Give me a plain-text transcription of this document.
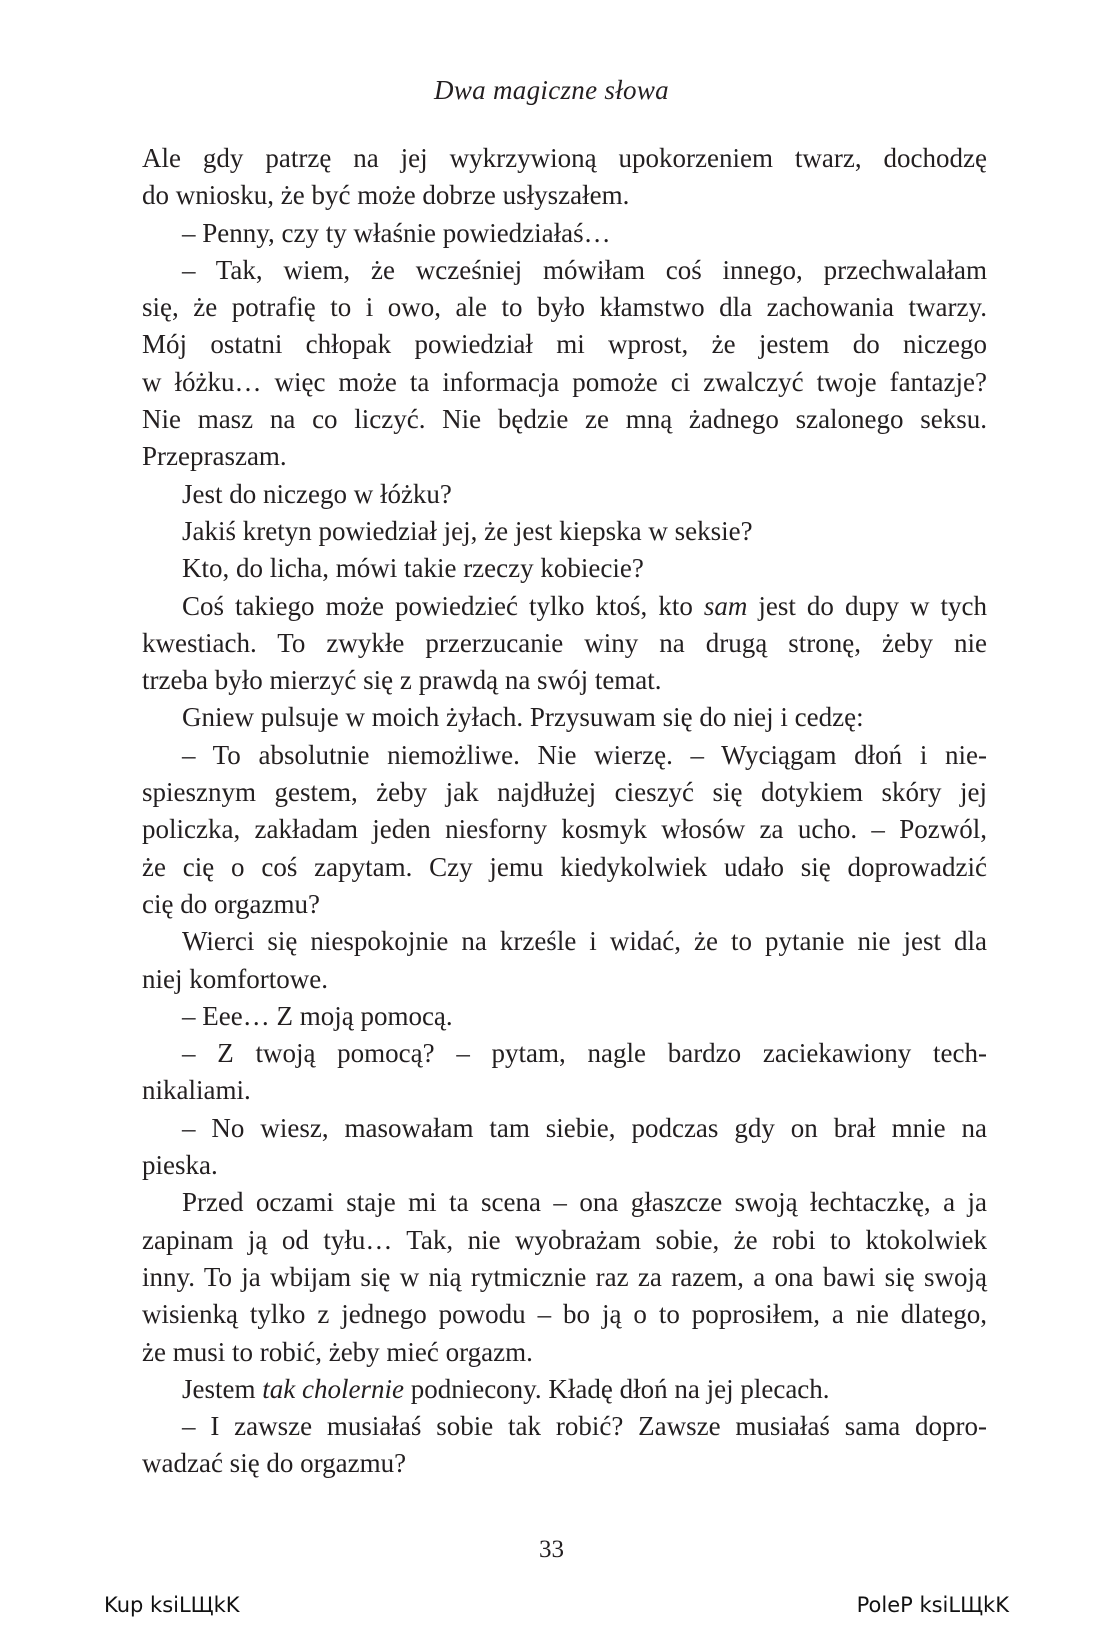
Dwa magiczne słowa
Ale gdy patrzę na jej wykrzywioną upokorzeniem twarz, dochodzę
do wniosku, że być może dobrze usłyszałem.
– Penny, czy ty właśnie powiedziałaś…
– Tak, wiem, że wcześniej mówiłam coś innego, przechwalałam
się, że potrafię to i owo, ale to było kłamstwo dla zachowania twarzy.
Mój ostatni chłopak powiedział mi wprost, że jestem do niczego
w łóżku… więc może ta informacja pomoże ci zwalczyć twoje fantazje?
Nie masz na co liczyć. Nie będzie ze mną żadnego szalonego seksu.
Przepraszam.
Jest do niczego w łóżku?
Jakiś kretyn powiedział jej, że jest kiepska w seksie?
Kto, do licha, mówi takie rzeczy kobiecie?
Coś takiego może powiedzieć tylko ktoś, kto sam jest do dupy w tych
kwestiach. To zwykłe przerzucanie winy na drugą stronę, żeby nie
trzeba było mierzyć się z prawdą na swój temat.
Gniew pulsuje w moich żyłach. Przysuwam się do niej i cedzę:
– To absolutnie niemożliwe. Nie wierzę. – Wyciągam dłoń i nie-
spiesznym gestem, żeby jak najdłużej cieszyć się dotykiem skóry jej
policzka, zakładam jeden niesforny kosmyk włosów za ucho. – Pozwól,
że cię o coś zapytam. Czy jemu kiedykolwiek udało się doprowadzić
cię do orgazmu?
Wierci się niespokojnie na krześle i widać, że to pytanie nie jest dla
niej komfortowe.
– Eee… Z moją pomocą.
– Z twoją pomocą? – pytam, nagle bardzo zaciekawiony tech-
nikaliami.
– No wiesz, masowałam tam siebie, podczas gdy on brał mnie na
pieska.
Przed oczami staje mi ta scena – ona głaszcze swoją łechtaczkę, a ja
zapinam ją od tyłu… Tak, nie wyobrażam sobie, że robi to ktokolwiek
inny. To ja wbijam się w nią rytmicznie raz za razem, a ona bawi się swoją
wisienką tylko z jednego powodu – bo ją o to poprosiłem, a nie dlatego,
że musi to robić, żeby mieć orgazm.
Jestem tak cholernie podniecony. Kładę dłoń na jej plecach.
– I zawsze musiałaś sobie tak robić? Zawsze musiałaś sama dopro-
wadzać się do orgazmu?
33
Kup ksiLЩkK	PoleP ksiLЩkK
